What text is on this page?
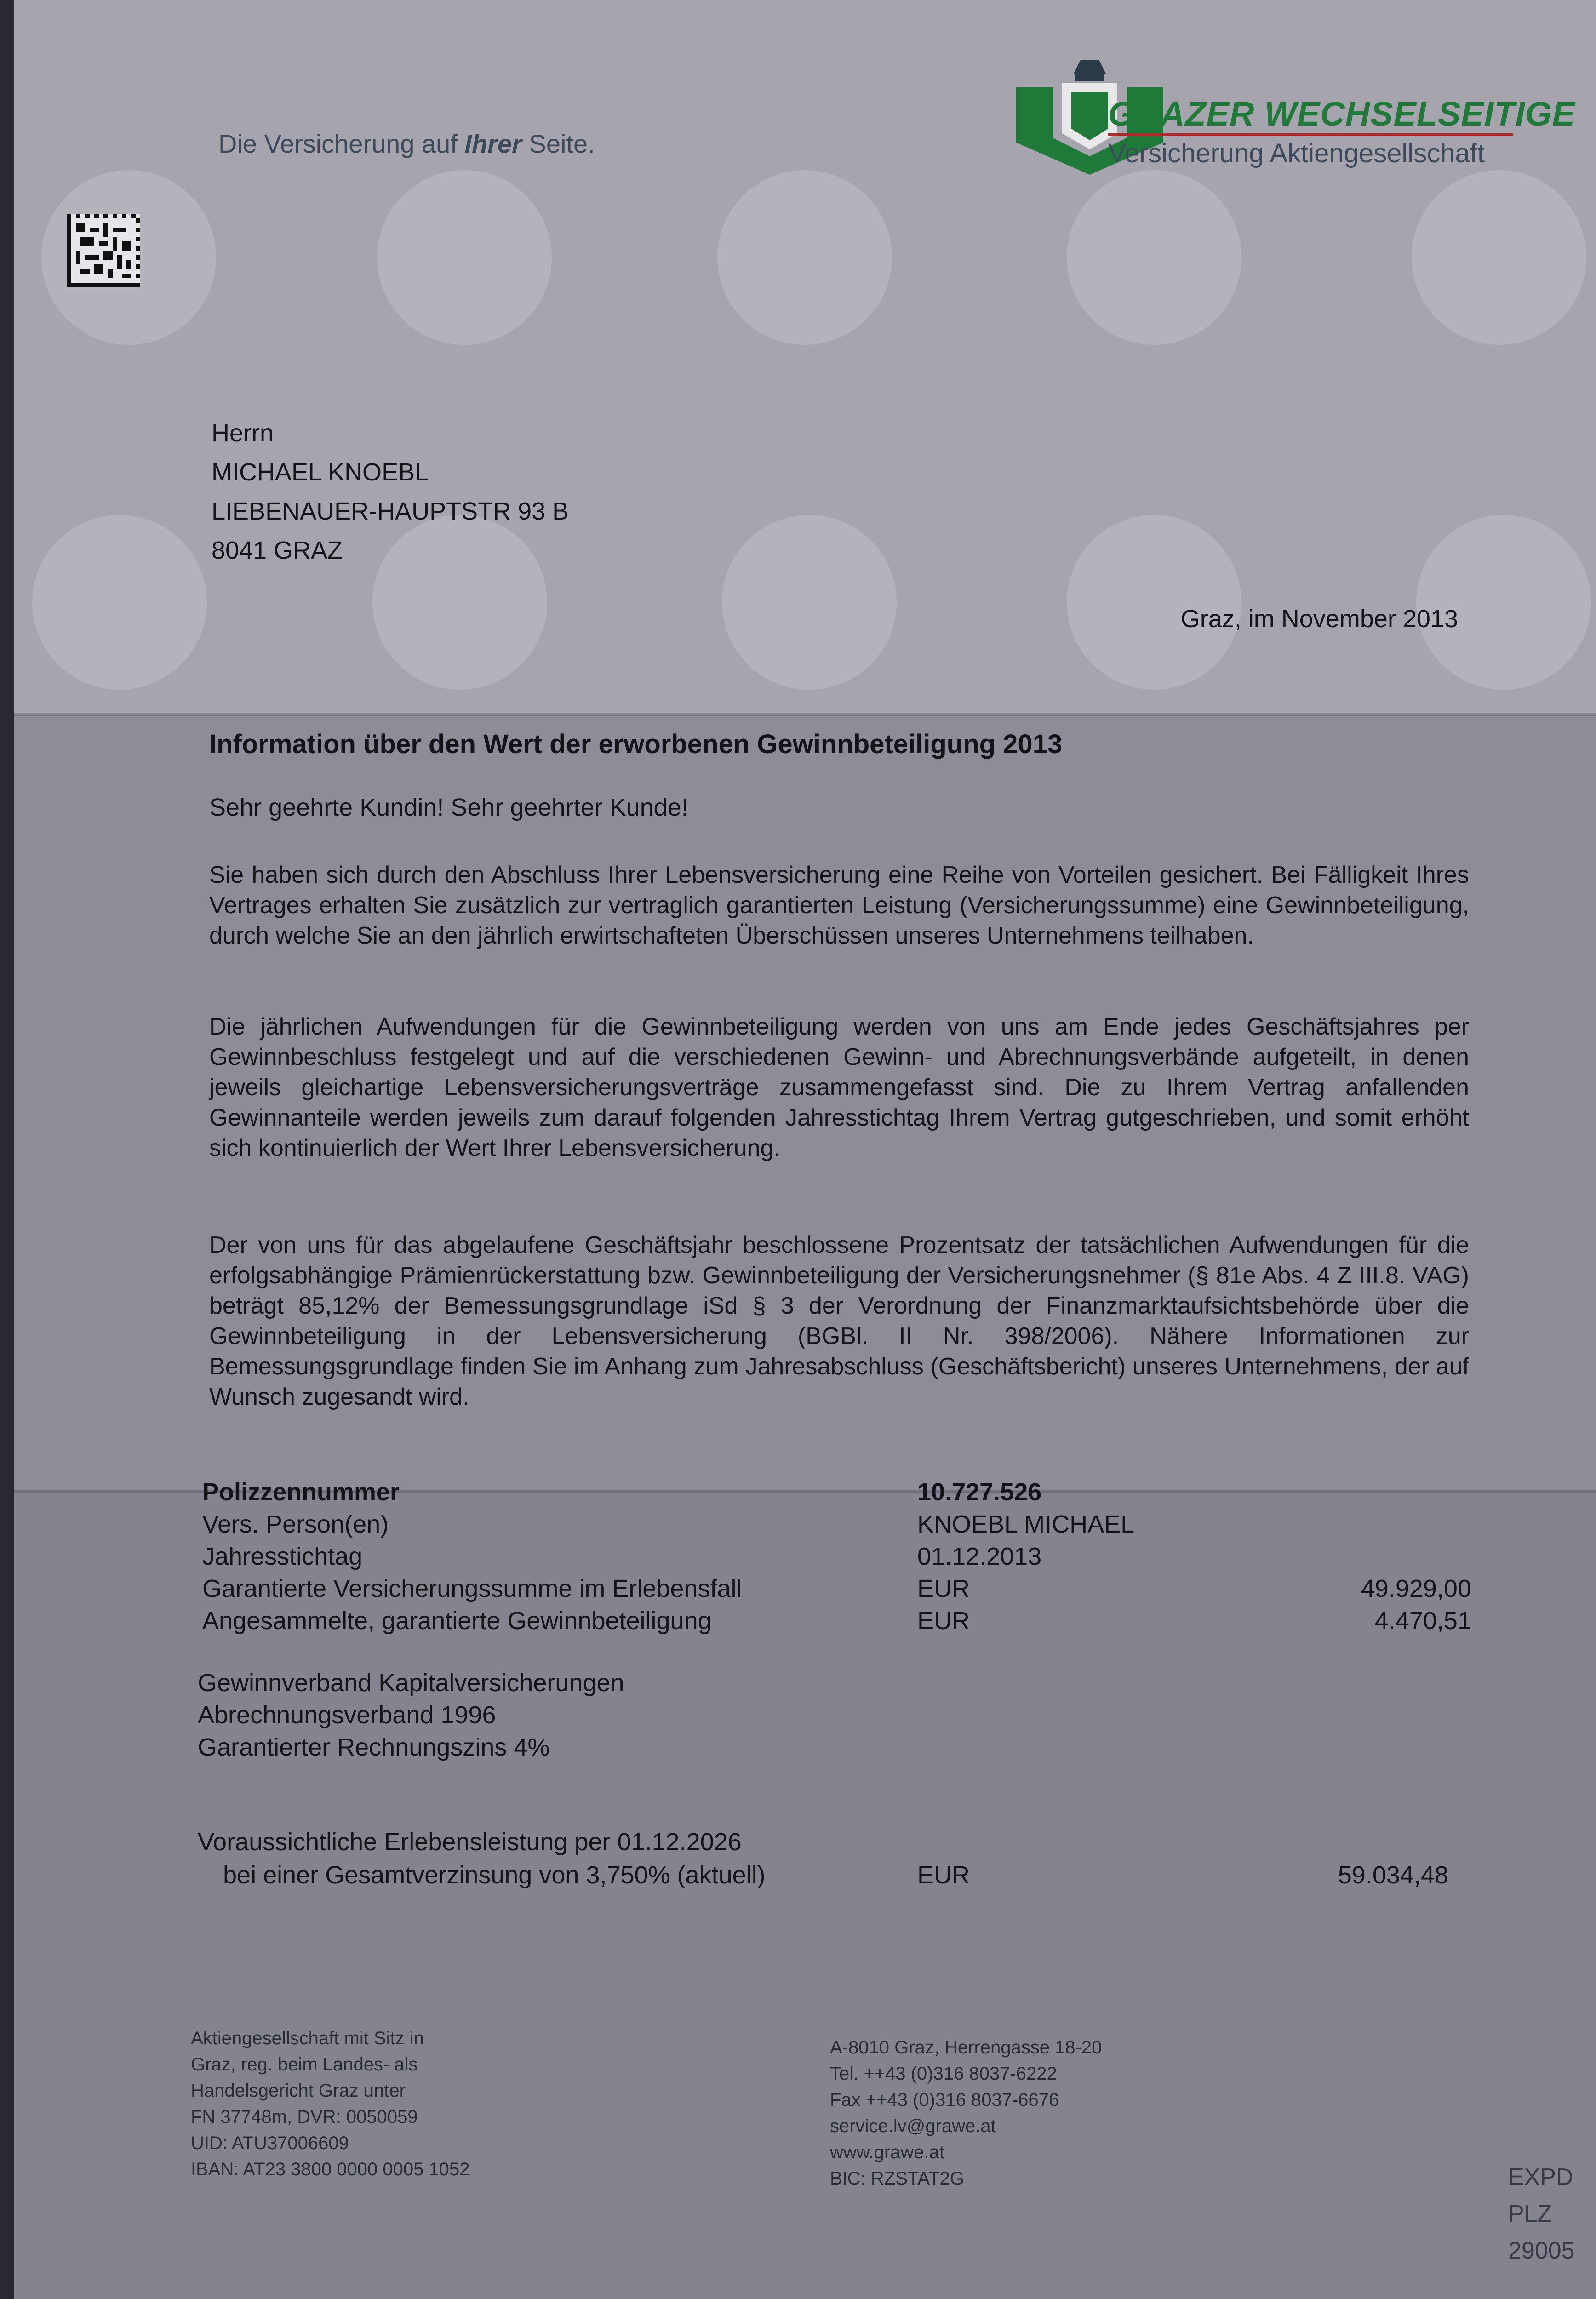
Die Versicherung auf Ihrer Seite.
GRAZER WECHSELSEITIGE
Versicherung Aktiengesellschaft
Herrn
MICHAEL KNOEBL
LIEBENAUER-HAUPTSTR 93 B
8041 GRAZ
Graz, im November 2013
Information über den Wert der erworbenen Gewinnbeteiligung 2013
Sehr geehrte Kundin! Sehr geehrter Kunde!
Sie haben sich durch den Abschluss Ihrer Lebensversicherung eine Reihe von Vorteilen gesichert. Bei Fälligkeit Ihres Vertrages erhalten Sie zusätzlich zur vertraglich garantierten Leistung (Versicherungssumme) eine Gewinnbeteiligung, durch welche Sie an den jährlich erwirtschafteten Überschüssen unseres Unternehmens teilhaben.
Die jährlichen Aufwendungen für die Gewinnbeteiligung werden von uns am Ende jedes Geschäftsjahres per Gewinnbeschluss festgelegt und auf die verschiedenen Gewinn- und Abrechnungsverbände aufgeteilt, in denen jeweils gleichartige Lebensversicherungsverträge zusammengefasst sind. Die zu Ihrem Vertrag anfallenden Gewinnanteile werden jeweils zum darauf folgenden Jahresstichtag Ihrem Vertrag gutgeschrieben, und somit erhöht sich kontinuierlich der Wert Ihrer Lebensversicherung.
Der von uns für das abgelaufene Geschäftsjahr beschlossene Prozentsatz der tatsächlichen Aufwendungen für die erfolgsabhängige Prämienrückerstattung bzw. Gewinnbeteiligung der Versicherungsnehmer (§ 81e Abs. 4 Z III.8. VAG) beträgt 85,12% der Bemessungsgrundlage iSd § 3 der Verordnung der Finanzmarktaufsichtsbehörde über die Gewinnbeteiligung in der Lebensversicherung (BGBl. II Nr. 398/2006). Nähere Informationen zur Bemessungsgrundlage finden Sie im Anhang zum Jahresabschluss (Geschäftsbericht) unseres Unternehmens, der auf Wunsch zugesandt wird.
Polizzennummer	10.727.526
Vers. Person(en)	KNOEBL MICHAEL
Jahresstichtag	01.12.2013
Garantierte Versicherungssumme im Erlebensfall	EUR	49.929,00
Angesammelte, garantierte Gewinnbeteiligung	EUR	4.470,51
Gewinnverband Kapitalversicherungen
Abrechnungsverband 1996
Garantierter Rechnungszins 4%
Voraussichtliche Erlebensleistung per 01.12.2026
bei einer Gesamtverzinsung von 3,750% (aktuell)	EUR	59.034,48
Aktiengesellschaft mit Sitz in
Graz, reg. beim Landes- als
Handelsgericht Graz unter
FN 37748m, DVR: 0050059
UID: ATU37006609
IBAN: AT23 3800 0000 0005 1052
A-8010 Graz, Herrengasse 18-20
Tel. ++43 (0)316 8037-6222
Fax ++43 (0)316 8037-6676
service.lv@grawe.at
www.grawe.at
BIC: RZSTAT2G	EXPD
PLZ
29005
